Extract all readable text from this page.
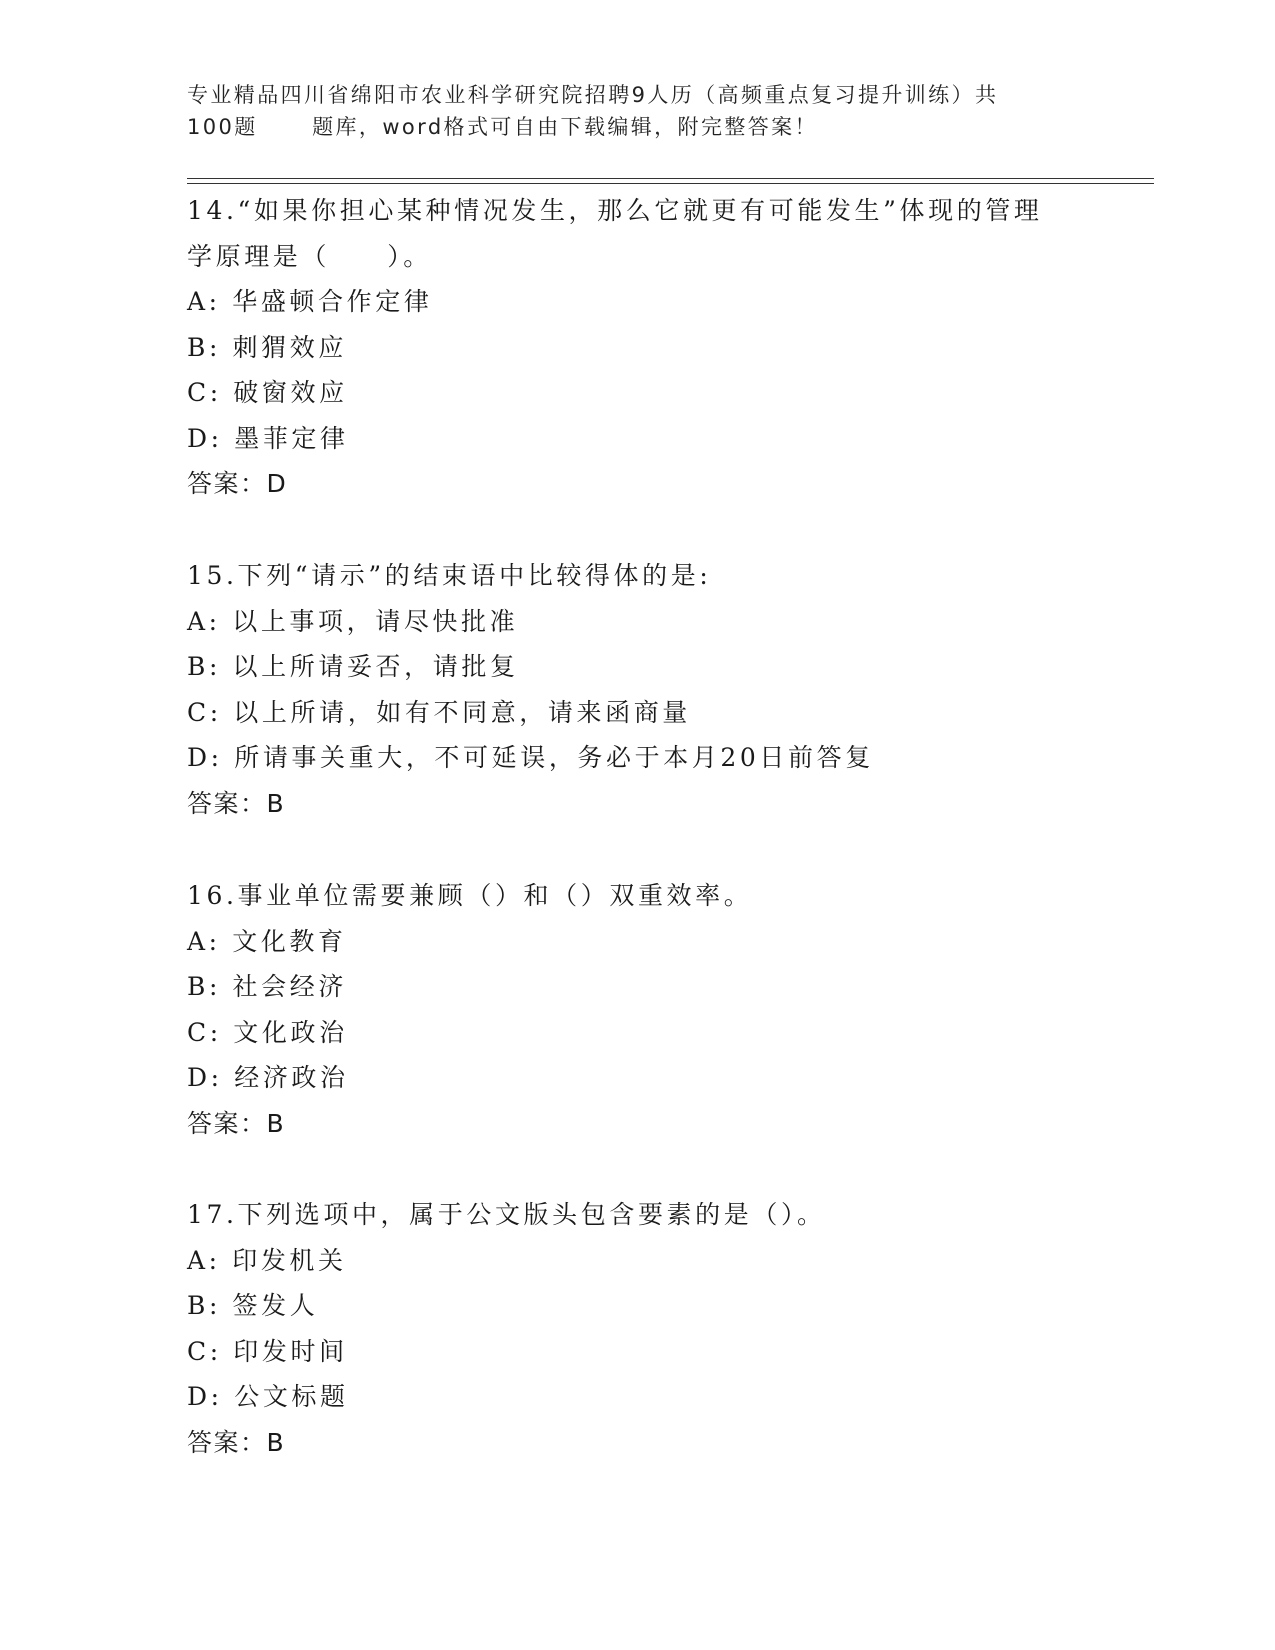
专业精品四川省绵阳市农业科学研究院招聘9人历（高频重点复习提升训练）共
100题      题库，word格式可自由下载编辑，附完整答案！
14.“如果你担心某种情况发生，那么它就更有可能发生”体现的管理
学原理是（　　）。
A: 华盛顿合作定律
B: 刺猬效应
C: 破窗效应
D: 墨菲定律
答案：D
15.下列“请示”的结束语中比较得体的是:
A: 以上事项，请尽快批准
B: 以上所请妥否，请批复
C: 以上所请，如有不同意，请来函商量
D: 所请事关重大，不可延误，务必于本月20日前答复
答案：B
16.事业单位需要兼顾（）和（）双重效率。
A: 文化教育
B: 社会经济
C: 文化政治
D: 经济政治
答案：B
17.下列选项中，属于公文版头包含要素的是（）。
A: 印发机关
B: 签发人
C: 印发时间
D: 公文标题
答案：B
